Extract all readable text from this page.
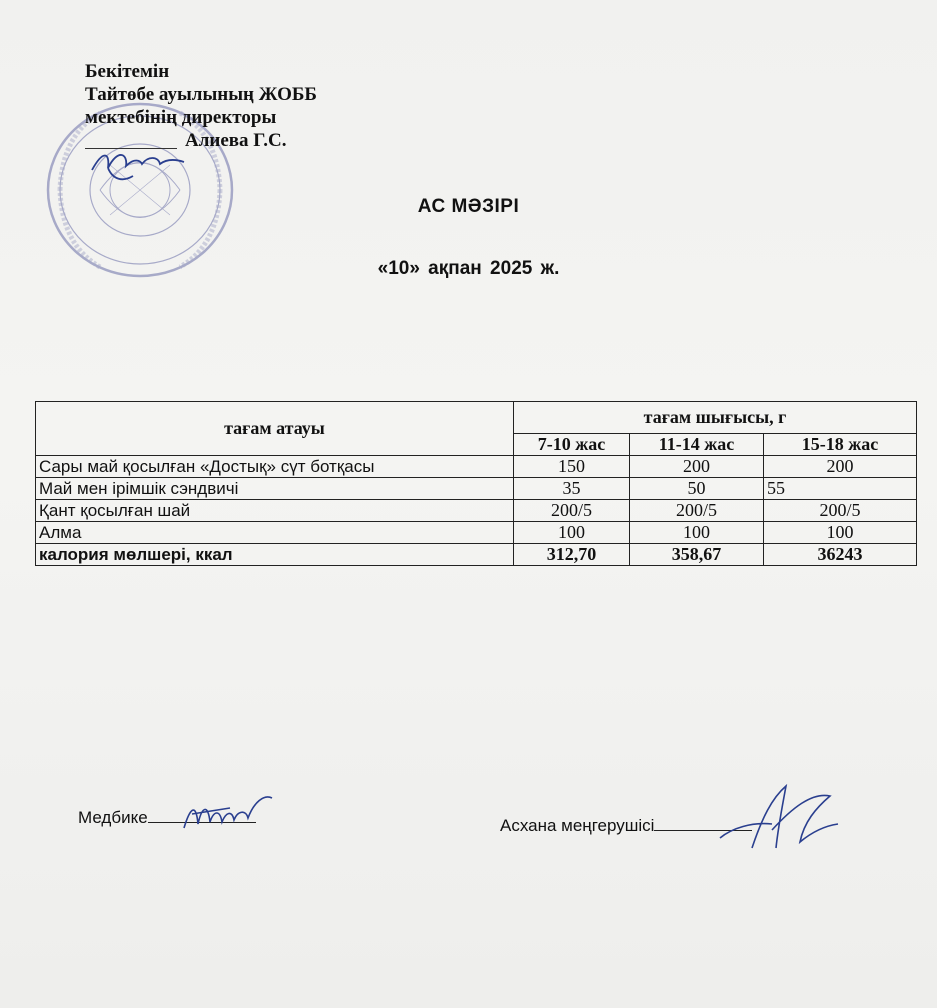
Бекітемін
Тайтөбе ауылының ЖОББ
мектебінің директоры
Алиева Г.С.
АС МӘЗІРІ
«10» ақпан 2025 ж.
тағам атауы	тағам шығысы, г		
	7-10 жас	11-14 жас	15-18 жас
Сары май қосылған «Достық» сүт ботқасы	150	200	200
Май мен ірімшік сэндвичі	35	50	55
Қант қосылған шай	200/5	200/5	200/5
Алма	100	100	100
калория мөлшері, ккал	312,70	358,67	36243
Медбике	Асхана меңгерушісі
